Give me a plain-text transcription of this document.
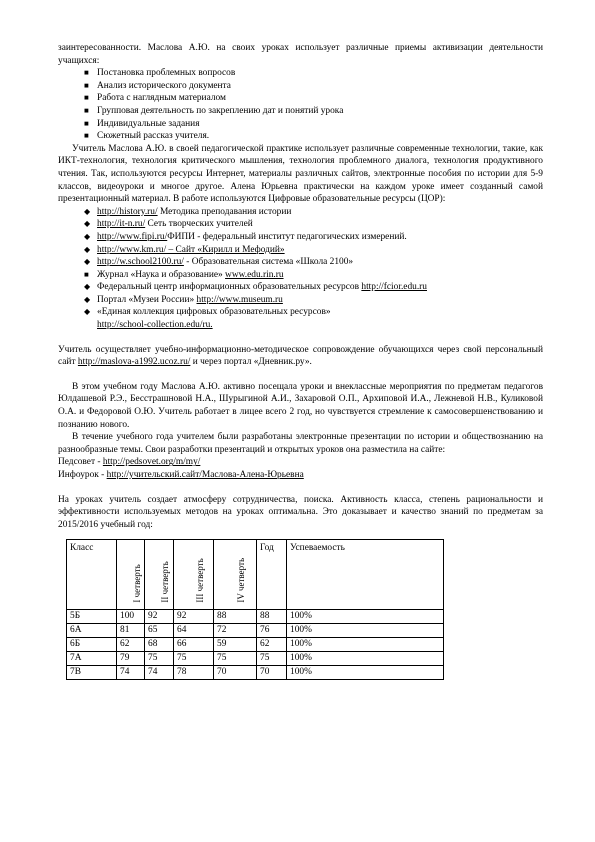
заинтересованности. Маслова А.Ю. на своих уроках использует различные приемы активизации деятельности учащихся:

■ Постановка проблемных вопросов
■ Анализ исторического документа
■ Работа с наглядным материалом
■ Групповая деятельность по закреплению дат и понятий урока
■ Индивидуальные задания
■ Сюжетный рассказ учителя.

Учитель Маслова А.Ю. в своей педагогической практике использует различные современные технологии, такие, как ИКТ-технология, технология критического мышления, технология проблемного диалога, технология продуктивного чтения. Так, используются ресурсы Интернет, материалы различных сайтов, электронные пособия по истории для 5-9 классов, видеоуроки и многое другое. Алена Юрьевна практически на каждом уроке имеет созданный самой презентационный материал. В работе используются Цифровые образовательные ресурсы (ЦОР):

◆ http://history.ru/ Методика преподавания истории
◆ http://it-n.ru/ Сеть творческих учителей
◆ http://www.fipi.ru/ФИПИ - федеральный институт педагогических измерений.
◆ http://www.km.ru/ – Сайт «Кирилл и Мефодий»
◆ http://w.school2100.ru/ - Образовательная система «Школа 2100»
■ Журнал «Наука и образование» www.edu.rin.ru
◆ Федеральный центр информационных образовательных ресурсов http://fcior.edu.ru
◆ Портал «Музеи России» http://www.museum.ru
◆ «Единая коллекция цифровых образовательных ресурсов»
http://school-collection.edu/ru.

Учитель осуществляет учебно-информационно-методическое сопровождение обучающихся через свой персональный сайт http://maslova-a1992.ucoz.ru/ и через портал «Дневник.ру».

В этом учебном году Маслова А.Ю. активно посещала уроки и внеклассные мероприятия по предметам педагогов Юлдашевой Р.Э., Бесстрашновой Н.А., Шурыгиной А.И., Захаровой О.П., Архиповой И.А., Лежневой Н.В., Куликовой О.А. и Федоровой О.Ю. Учитель работает в лицее всего 2 год, но чувствуется стремление к самосовершенствованию и познанию нового.

В течение учебного года учителем были разработаны электронные презентации по истории и обществознанию на разнообразные темы. Свои разработки презентаций и открытых уроков она разместила на сайте:

Педсовет - http://pedsovet.org/m/my/

Инфоурок - http://учительский.сайт/Маслова-Алена-Юрьевна

На уроках учитель создает атмосферу сотрудничества, поиска. Активность класса, степень рациональности и эффективности используемых методов на уроках оптимальна. Это доказывает и качество знаний по предметам за 2015/2016 учебный год:

Класс	I четверть	II четверть	III четверть	IV четверть	Год	Успеваемость
5Б	100	92	92	88	88	100%
6А	81	65	64	72	76	100%
6Б	62	68	66	59	62	100%
7А	79	75	75	75	75	100%
7В	74	74	78	70	70	100%
